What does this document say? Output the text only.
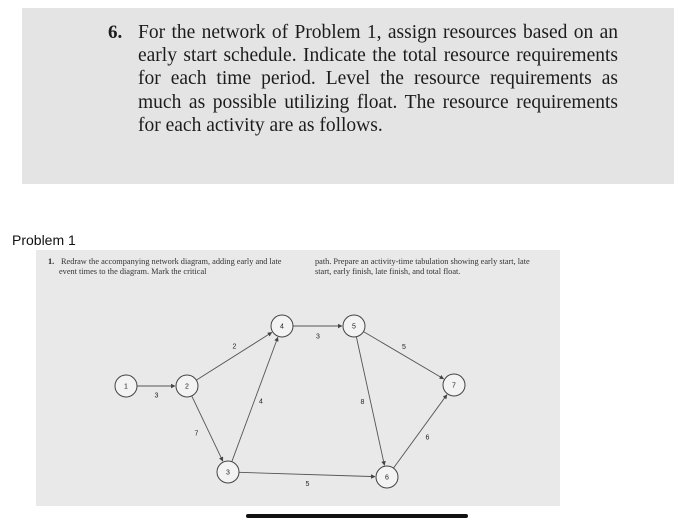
6. For the network of Problem 1, assign resources based on an early start schedule. Indicate the total resource requirements for each time period. Level the resource requirements as much as possible utilizing float. The resource requirements for each activity are as follows.

Problem 1
1. Redraw the accompanying network diagram, adding early and late event times to the diagram. Mark the critical

path. Prepare an activity-time tabulation showing early start, late start, early finish, late finish, and total float.

3
2
7
4
3
5
8
5
6
1	2
3
4	5
6
7
